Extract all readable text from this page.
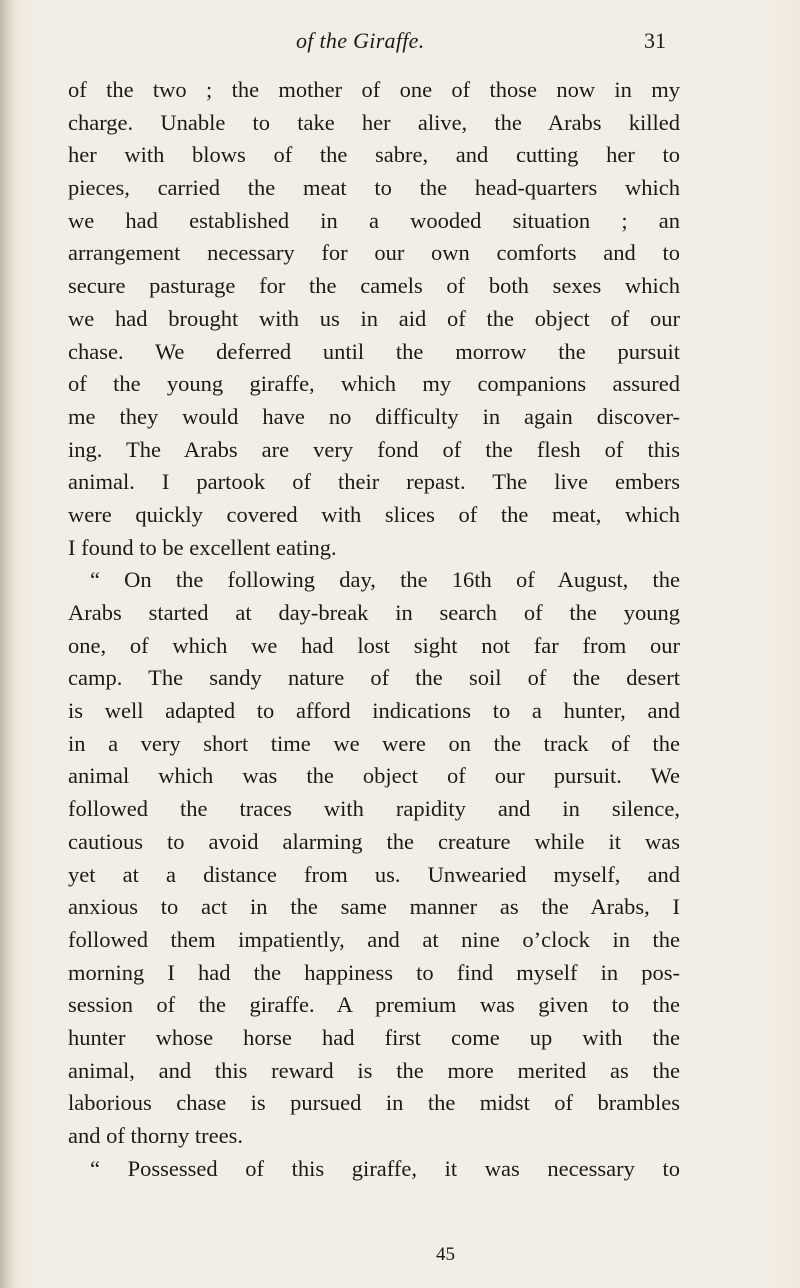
of the Giraffe.	31
of the two ; the mother of one of those now in my
charge. Unable to take her alive, the Arabs killed
her with blows of the sabre, and cutting her to
pieces, carried the meat to the head-quarters which
we had established in a wooded situation ; an
arrangement necessary for our own comforts and to
secure pasturage for the camels of both sexes which
we had brought with us in aid of the object of our
chase. We deferred until the morrow the pursuit
of the young giraffe, which my companions assured
me they would have no difficulty in again discover-
ing. The Arabs are very fond of the flesh of this
animal. I partook of their repast. The live embers
were quickly covered with slices of the meat, which
I found to be excellent eating.
“ On the following day, the 16th of August, the
Arabs started at day-break in search of the young
one, of which we had lost sight not far from our
camp. The sandy nature of the soil of the desert
is well adapted to afford indications to a hunter, and
in a very short time we were on the track of the
animal which was the object of our pursuit. We
followed the traces with rapidity and in silence,
cautious to avoid alarming the creature while it was
yet at a distance from us. Unwearied myself, and
anxious to act in the same manner as the Arabs, I
followed them impatiently, and at nine o’clock in the
morning I had the happiness to find myself in pos-
session of the giraffe. A premium was given to the
hunter whose horse had first come up with the
animal, and this reward is the more merited as the
laborious chase is pursued in the midst of brambles
and of thorny trees.
“ Possessed of this giraffe, it was necessary to
45
